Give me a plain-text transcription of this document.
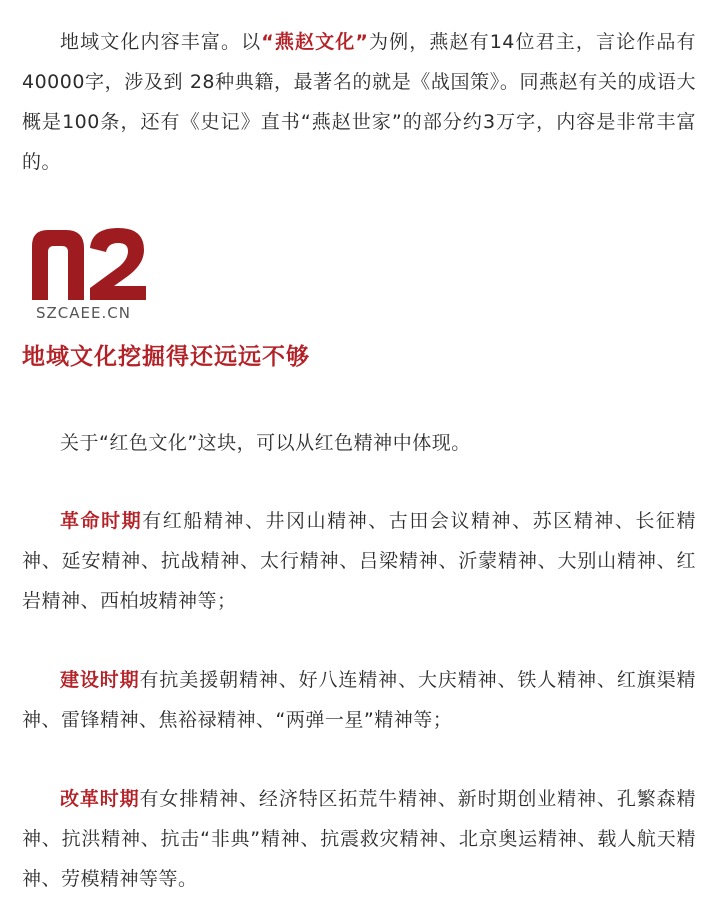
地域文化内容丰富。以“燕赵文化”为例，燕赵有14位君主，言论作品有40000字，涉及到 28种典籍，最著名的就是《战国策》。同燕赵有关的成语大概是100条，还有《史记》直书“燕赵世家”的部分约3万字，内容是非常丰富的。

SZCAEE.CN
地域文化挖掘得还远远不够

关于“红色文化”这块，可以从红色精神中体现。

革命时期有红船精神、井冈山精神、古田会议精神、苏区精神、长征精神、延安精神、抗战精神、太行精神、吕梁精神、沂蒙精神、大别山精神、红岩精神、西柏坡精神等；

建设时期有抗美援朝精神、好八连精神、大庆精神、铁人精神、红旗渠精神、雷锋精神、焦裕禄精神、“两弹一星”精神等；

改革时期有女排精神、经济特区拓荒牛精神、新时期创业精神、孔繁森精神、抗洪精神、抗击“非典”精神、抗震救灾精神、北京奥运精神、载人航天精神、劳模精神等等。
